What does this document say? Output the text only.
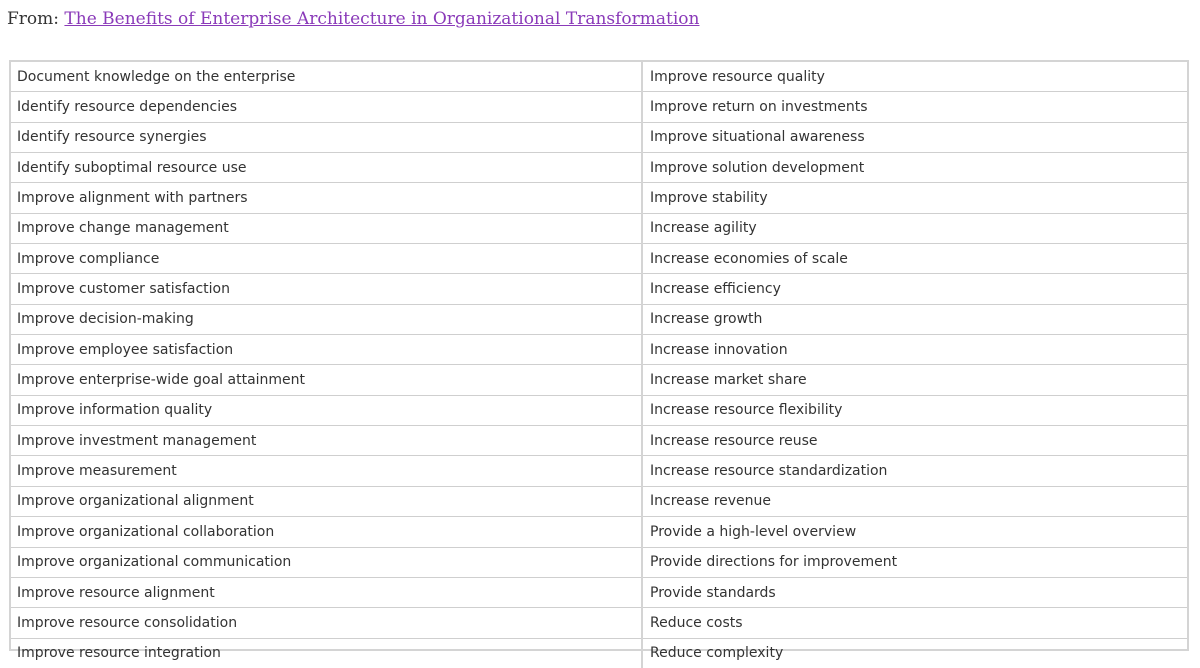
From: The Benefits of Enterprise Architecture in Organizational Transformation
Document knowledge on the enterprise	Improve resource quality
Identify resource dependencies	Improve return on investments
Identify resource synergies	Improve situational awareness
Identify suboptimal resource use	Improve solution development
Improve alignment with partners	Improve stability
Improve change management	Increase agility
Improve compliance	Increase economies of scale
Improve customer satisfaction	Increase efficiency
Improve decision-making	Increase growth
Improve employee satisfaction	Increase innovation
Improve enterprise-wide goal attainment	Increase market share
Improve information quality	Increase resource flexibility
Improve investment management	Increase resource reuse
Improve measurement	Increase resource standardization
Improve organizational alignment	Increase revenue
Improve organizational collaboration	Provide a high-level overview
Improve organizational communication	Provide directions for improvement
Improve resource alignment	Provide standards
Improve resource consolidation	Reduce costs
Improve resource integration	Reduce complexity
